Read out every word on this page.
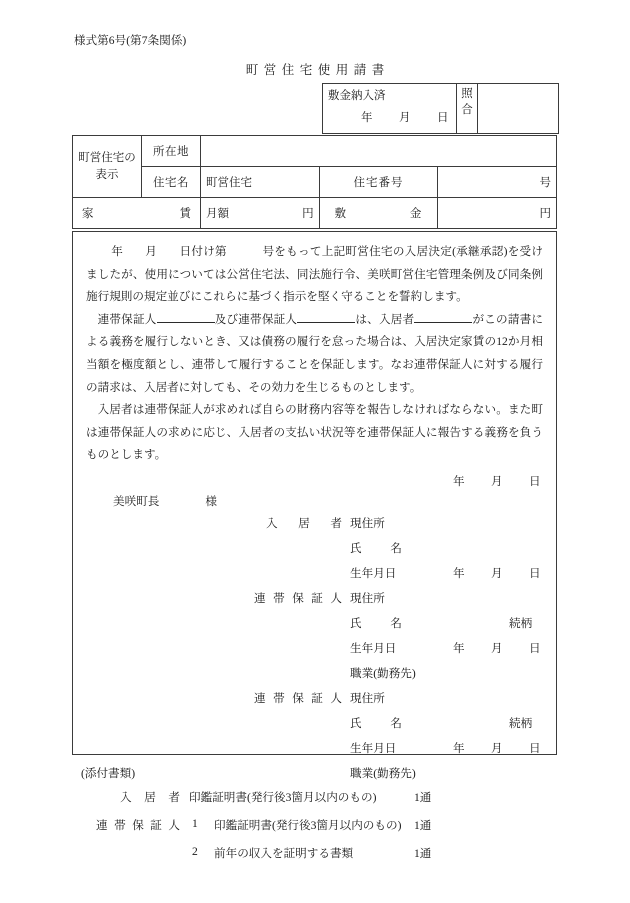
様式第6号(第7条関係)
町営住宅使用請書
敷金納入済
年 月 日
	照合	
町営住宅の表示	所在地			
	住宅名	町営住宅	住宅番号	号

家 賃		月額 円	敷 金	円

年 月 日付け第　　　号をもって上記町営住宅の入居決定(承継承認)を受けましたが、使用については公営住宅法、同法施行令、美咲町営住宅管理条例及び同条例施行規則の規定並びにこれらに基づく指示を堅く守ることを誓約します。

連帯保証人	及び連帯保証人	は、入居者	がこの請書による義務を履行しないとき、又は債務の履行を怠った場合は、入居決定家賃の12か月相当額を極度額とし、連帯して履行することを保証します。なお連帯保証人に対する履行の請求は、入居者に対しても、その効力を生じるものとします。

入居者は連帯保証人が求めれば自らの財務内容等を報告しなければならない。また町は連帯保証人の求めに応じ、入居者の支払い状況等を連帯保証人に報告する義務を負うものとします。

年 月 日
美咲町長	様
入居者 現住所
氏名
生年月日	年 月 日
連帯保証人 現住所
氏名	続柄
生年月日	年 月 日
職業(勤務先)
連帯保証人 現住所
氏名	続柄
生年月日	年 月 日
職業(勤務先)
(添付書類)
入居者 印鑑証明書(発行後3箇月以内のもの)	1通
連帯保証人 1 印鑑証明書(発行後3箇月以内のもの) 1通
2 前年の収入を証明する書類	1通
